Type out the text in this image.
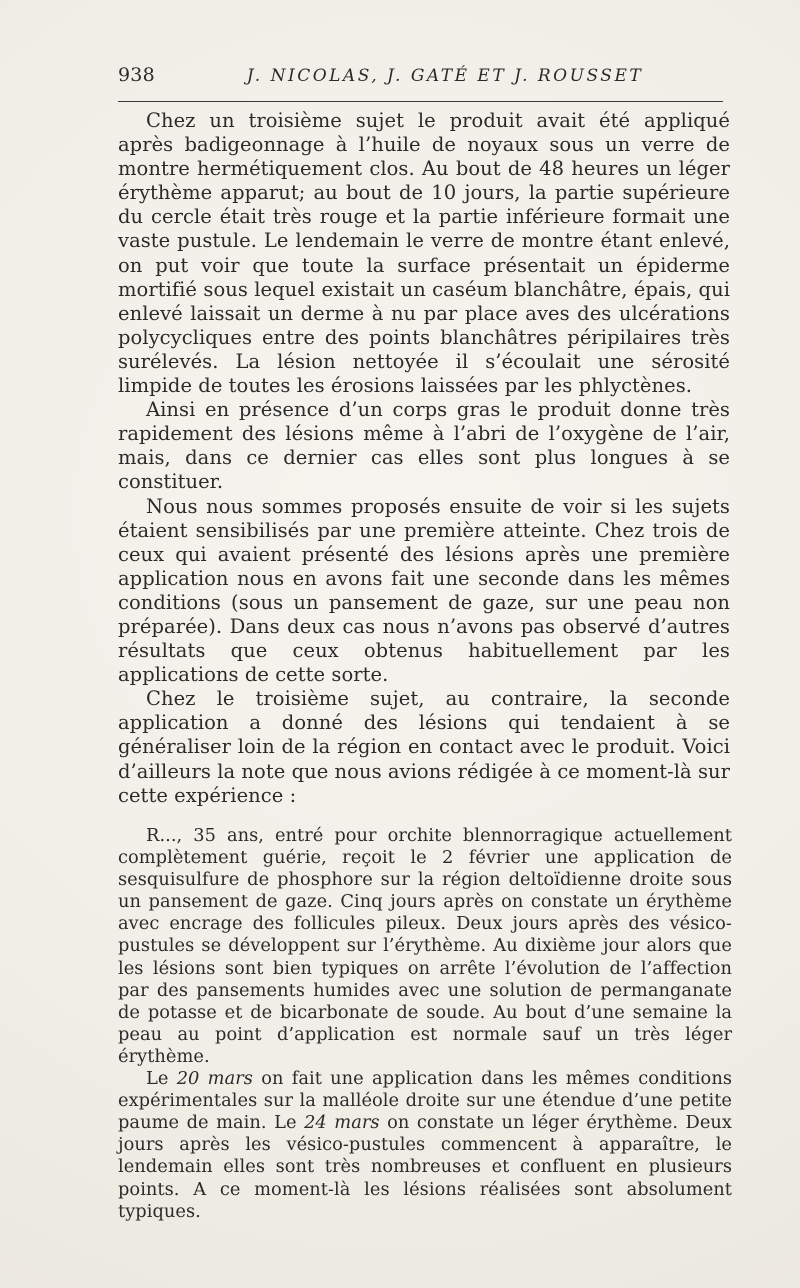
938	J. NICOLAS, J. GATÉ ET J. ROUSSET

Chez un troisième sujet le produit avait été appliqué après badigeonnage à l’huile de noyaux sous un verre de montre hermétiquement clos. Au bout de 48 heures un léger érythème apparut; au bout de 10 jours, la partie supérieure du cercle était très rouge et la partie inférieure formait une vaste pustule. Le lendemain le verre de montre étant enlevé, on put voir que toute la surface présentait un épiderme mortifié sous lequel existait un caséum blanchâtre, épais, qui enlevé laissait un derme à nu par place aves des ulcérations polycycliques entre des points blanchâtres péripilaires très surélevés. La lésion nettoyée il s’écoulait une sérosité limpide de toutes les érosions laissées par les phlyctènes.

Ainsi en présence d’un corps gras le produit donne très rapidement des lésions même à l’abri de l’oxygène de l’air, mais, dans ce dernier cas elles sont plus longues à se constituer.

Nous nous sommes proposés ensuite de voir si les sujets étaient sensibilisés par une première atteinte. Chez trois de ceux qui avaient présenté des lésions après une première application nous en avons fait une seconde dans les mêmes conditions (sous un pansement de gaze, sur une peau non préparée). Dans deux cas nous n’avons pas observé d’autres résultats que ceux obtenus habituellement par les applications de cette sorte.

Chez le troisième sujet, au contraire, la seconde application a donné des lésions qui tendaient à se généraliser loin de la région en contact avec le produit. Voici d’ailleurs la note que nous avions rédigée à ce moment-là sur cette expérience :

R..., 35 ans, entré pour orchite blennorragique actuellement complètement guérie, reçoit le 2 février une application de sesquisulfure de phosphore sur la région deltoïdienne droite sous un pansement de gaze. Cinq jours après on constate un érythème avec encrage des follicules pileux. Deux jours après des vésico-pustules se développent sur l’érythème. Au dixième jour alors que les lésions sont bien typiques on arrête l’évolution de l’affection par des pansements humides avec une solution de permanganate de potasse et de bicarbonate de soude. Au bout d’une semaine la peau au point d’application est normale sauf un très léger érythème.

Le 20 mars on fait une application dans les mêmes conditions expérimentales sur la malléole droite sur une étendue d’une petite paume de main. Le 24 mars on constate un léger érythème. Deux jours après les vésico-pustules commencent à apparaître, le lendemain elles sont très nombreuses et confluent en plusieurs points. A ce moment-là les lésions réalisées sont absolument typiques.
